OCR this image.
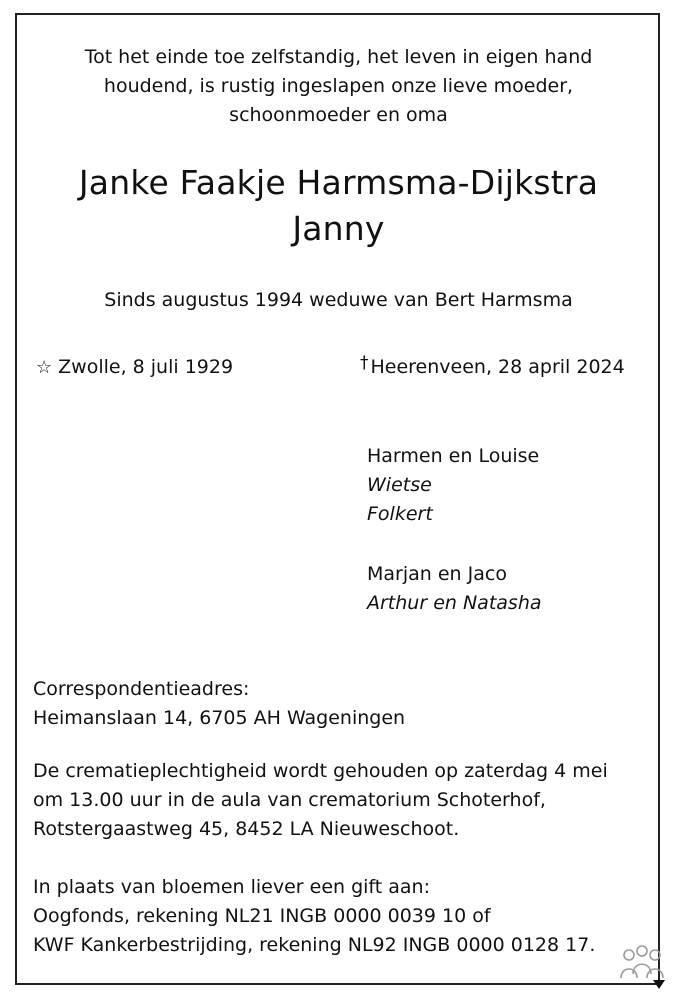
Tot het einde toe zelfstandig, het leven in eigen hand
houdend, is rustig ingeslapen onze lieve moeder,
schoonmoeder en oma
Janke Faakje Harmsma-Dijkstra
Janny
Sinds augustus 1994 weduwe van Bert Harmsma
☆ Zwolle, 8 juli 1929	† Heerenveen, 28 april 2024
Harmen en Louise
Wietse
Folkert
Marjan en Jaco
Arthur en Natasha
Correspondentieadres:
Heimanslaan 14, 6705 AH Wageningen
De crematieplechtigheid wordt gehouden op zaterdag 4 mei
om 13.00 uur in de aula van crematorium Schoterhof,
Rotstergaastweg 45, 8452 LA Nieuweschoot.
In plaats van bloemen liever een gift aan:
Oogfonds, rekening NL21 INGB 0000 0039 10 of
KWF Kankerbestrijding, rekening NL92 INGB 0000 0128 17.
